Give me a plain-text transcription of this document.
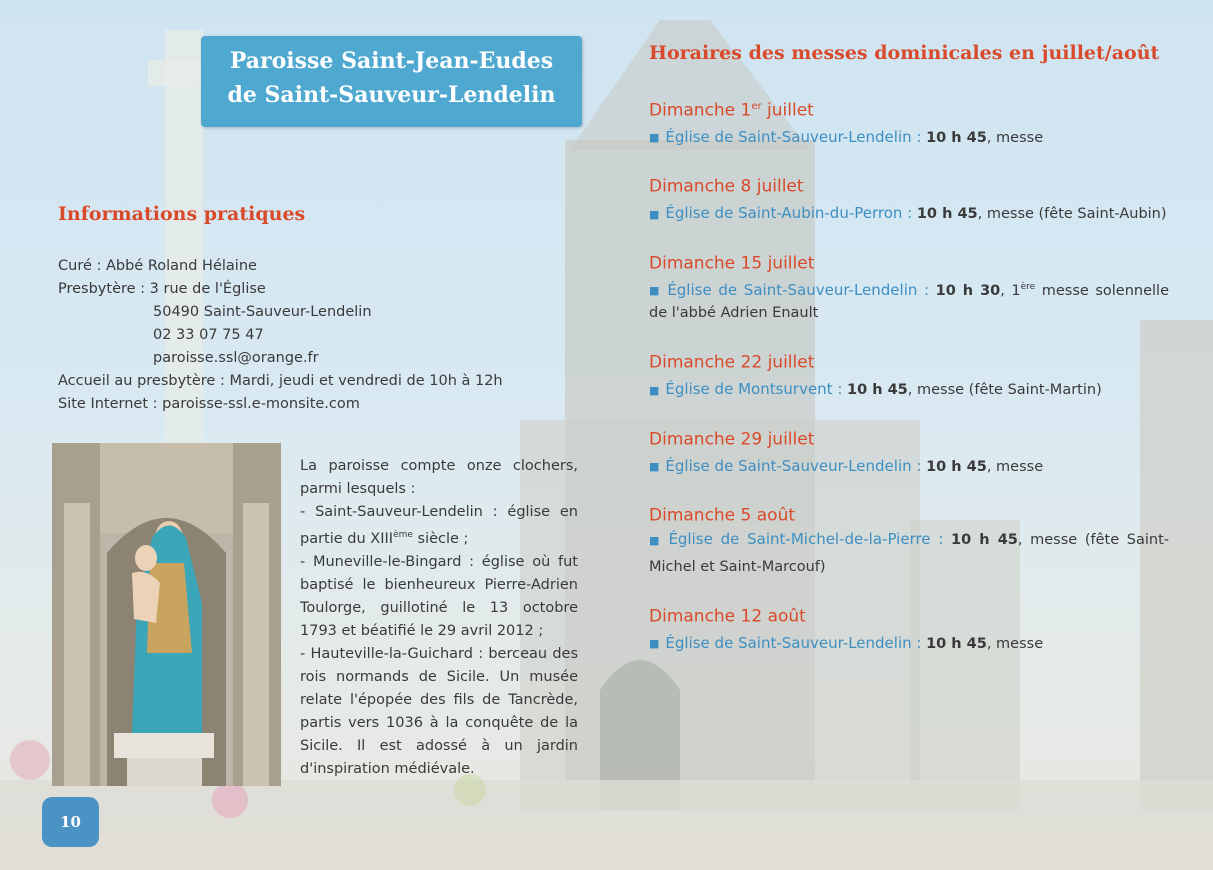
Paroisse Saint-Jean-Eudes
de Saint-Sauveur-Lendelin
Informations pratiques
Curé : Abbé Roland Hélaine
Presbytère : 3 rue de l'Église
50490 Saint-Sauveur-Lendelin
02 33 07 75 47
paroisse.ssl@orange.fr
Accueil au presbytère : Mardi, jeudi et vendredi de 10h à 12h
Site Internet : paroisse-ssl.e-monsite.com

La paroisse compte onze clochers, parmi lesquels :

- Saint-Sauveur-Lendelin : église en partie du XIIIème siècle ;

- Muneville-le-Bingard : église où fut baptisé le bienheureux Pierre-Adrien Toulorge, guillotiné le 13 octobre 1793 et béatifié le 29 avril 2012 ;

- Hauteville-la-Guichard : berceau des rois normands de Sicile. Un musée relate l'épopée des fils de Tancrède, partis vers 1036 à la conquête de la Sicile. Il est adossé à un jardin d'inspiration médiévale.

10
Horaires des messes dominicales en juillet/août
Dimanche 1er juillet
■ Église de Saint-Sauveur-Lendelin : 10 h 45, messe
Dimanche 8 juillet
■ Église de Saint-Aubin-du-Perron : 10 h 45, messe (fête Saint-Aubin)
Dimanche 15 juillet
■ Église de Saint-Sauveur-Lendelin : 10 h 30, 1ère messe solennelle de l'abbé Adrien Enault
Dimanche 22 juillet
■ Église de Montsurvent : 10 h 45, messe (fête Saint-Martin)
Dimanche 29 juillet
■ Église de Saint-Sauveur-Lendelin : 10 h 45, messe
Dimanche 5 août
■ Église de Saint-Michel-de-la-Pierre : 10 h 45, messe (fête Saint-Michel et Saint-Marcouf)
Dimanche 12 août
■ Église de Saint-Sauveur-Lendelin : 10 h 45, messe
